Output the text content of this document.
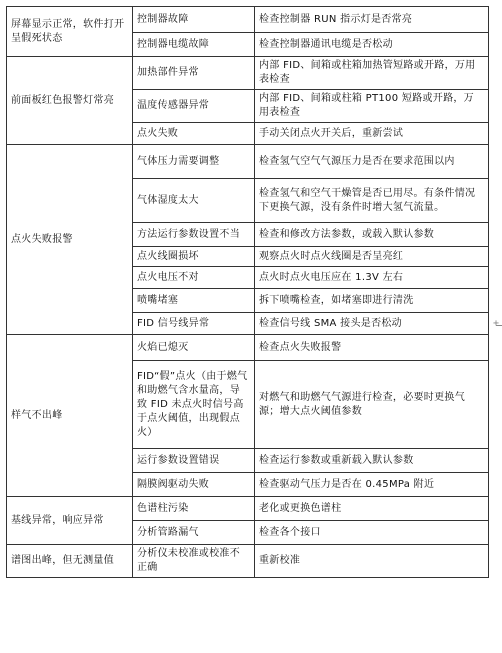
屏幕显示正常，软件打开呈假死状态	控制器故障	检查控制器 RUN 指示灯是否常亮
	控制器电缆故障	检查控制器通讯电缆是否松动
前面板红色报警灯常亮	加热部件异常	内部 FID、间箱或柱箱加热管短路或开路，万用表检查
	温度传感器异常	内部 FID、间箱或柱箱 PT100 短路或开路，万用表检查
	点火失败	手动关闭点火开关后，重新尝试
点火失败报警	气体压力需要调整	检查氢气空气气源压力是否在要求范围以内
	气体湿度太大	检查氢气和空气干燥管是否已用尽。有条件情况下更换气源，没有条件时增大氢气流量。
	方法运行参数设置不当	检查和修改方法参数，或载入默认参数
	点火线圈损坏	观察点火时点火线圈是否呈亮红
	点火电压不对	点火时点火电压应在 1.3V 左右
	喷嘴堵塞	拆下喷嘴检查，如堵塞即进行清洗
	FID 信号线异常	检查信号线 SMA 接头是否松动
样气不出峰	火焰已熄灭	检查点火失败报警
	FID“假”点火（由于燃气和助燃气含水量高，导致 FID 未点火时信号高于点火阈值，出现假点火）	对燃气和助燃气气源进行检查，必要时更换气源；增大点火阈值参数
	运行参数设置错误	检查运行参数或重新载入默认参数
	隔膜阀驱动失败	检查驱动气压力是否在 0.45MPa 附近
基线异常，响应异常	色谱柱污染	老化或更换色谱柱
	分析管路漏气	检查各个接口
谱图出峰，但无测量值	分析仪未校准或校准不正确	重新校准
+
